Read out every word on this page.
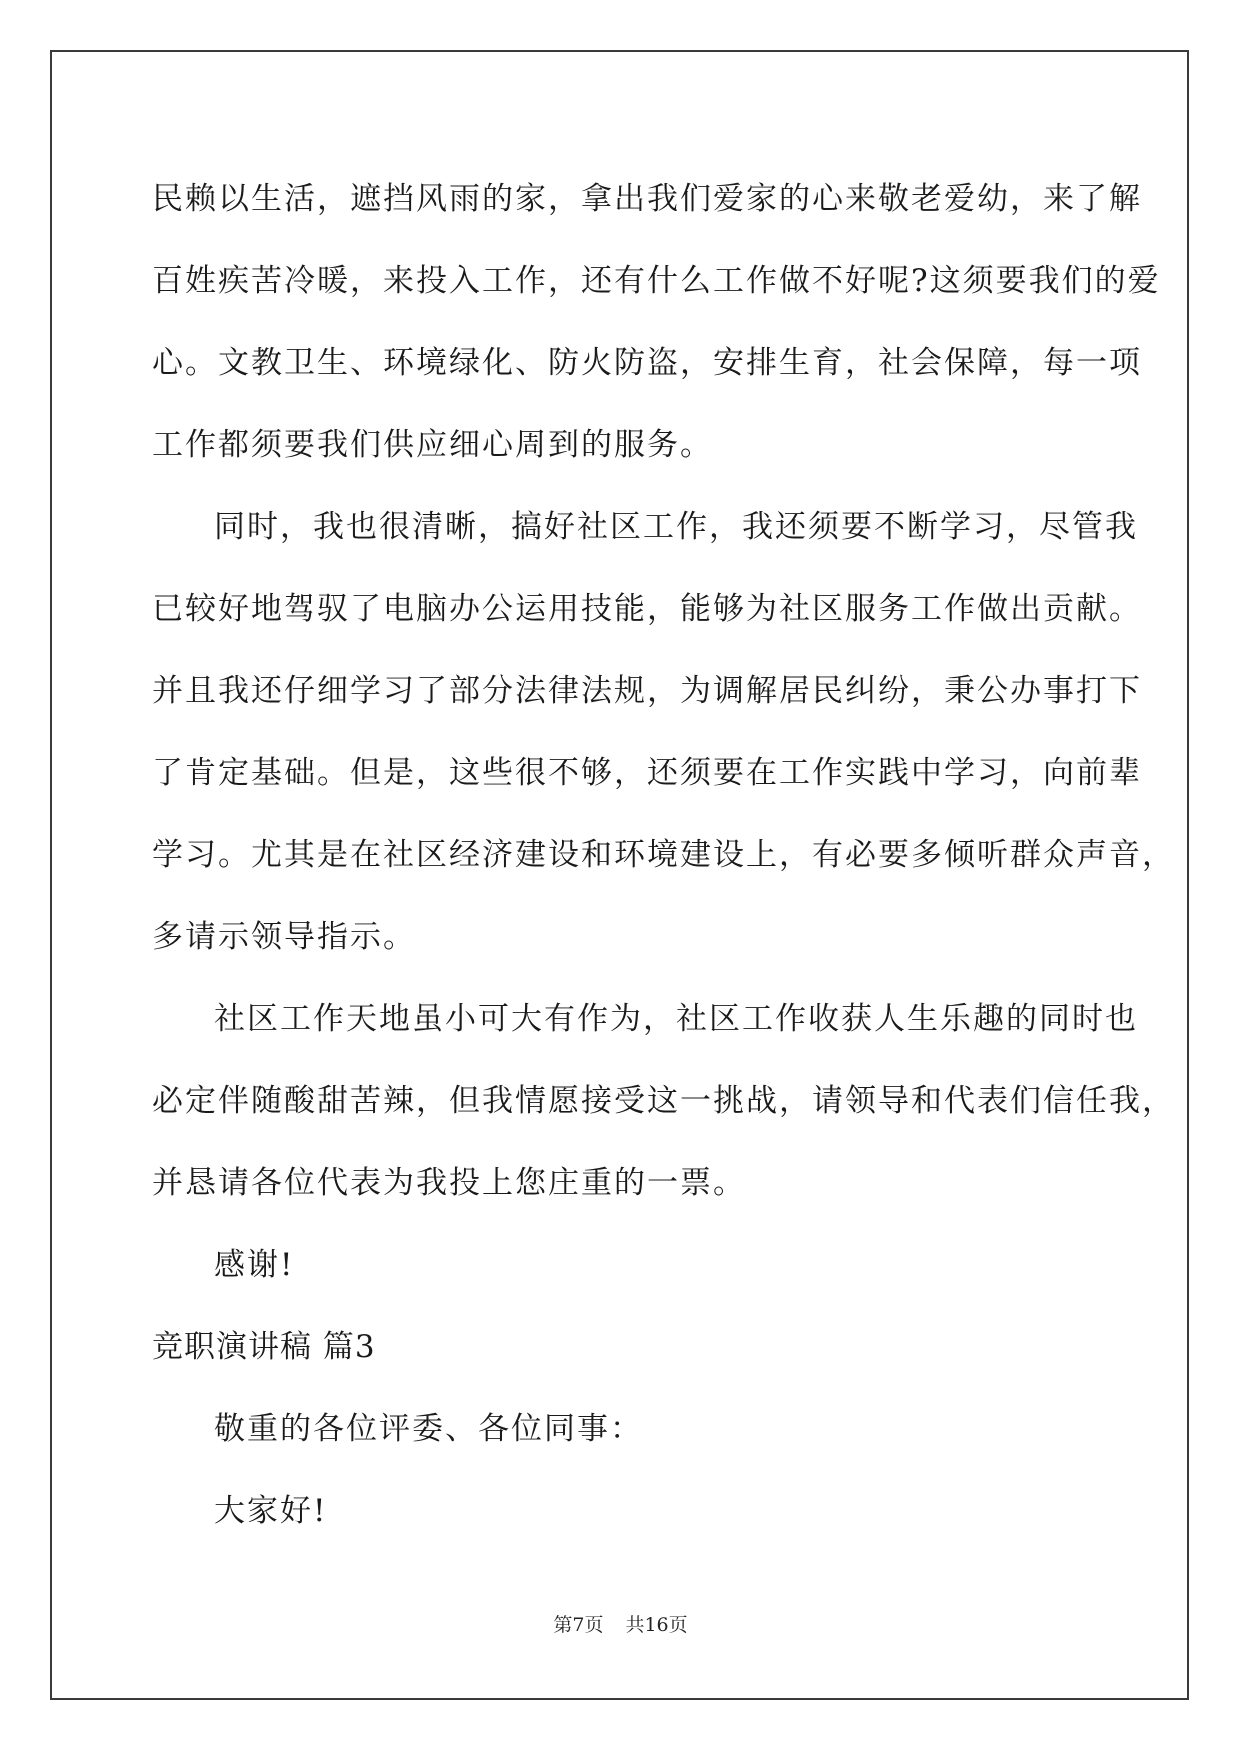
民赖以生活，遮挡风雨的家，拿出我们爱家的心来敬老爱幼，来了解
百姓疾苦冷暖，来投入工作，还有什么工作做不好呢?这须要我们的爱
心。文教卫生、环境绿化、防火防盗，安排生育，社会保障，每一项
工作都须要我们供应细心周到的服务。
同时，我也很清晰，搞好社区工作，我还须要不断学习，尽管我
已较好地驾驭了电脑办公运用技能，能够为社区服务工作做出贡献。
并且我还仔细学习了部分法律法规，为调解居民纠纷，秉公办事打下
了肯定基础。但是，这些很不够，还须要在工作实践中学习，向前辈
学习。尤其是在社区经济建设和环境建设上，有必要多倾听群众声音，
多请示领导指示。
社区工作天地虽小可大有作为，社区工作收获人生乐趣的同时也
必定伴随酸甜苦辣，但我情愿接受这一挑战，请领导和代表们信任我，
并恳请各位代表为我投上您庄重的一票。
感谢!
竞职演讲稿 篇3
敬重的各位评委、各位同事：
大家好!
第7页 共16页
